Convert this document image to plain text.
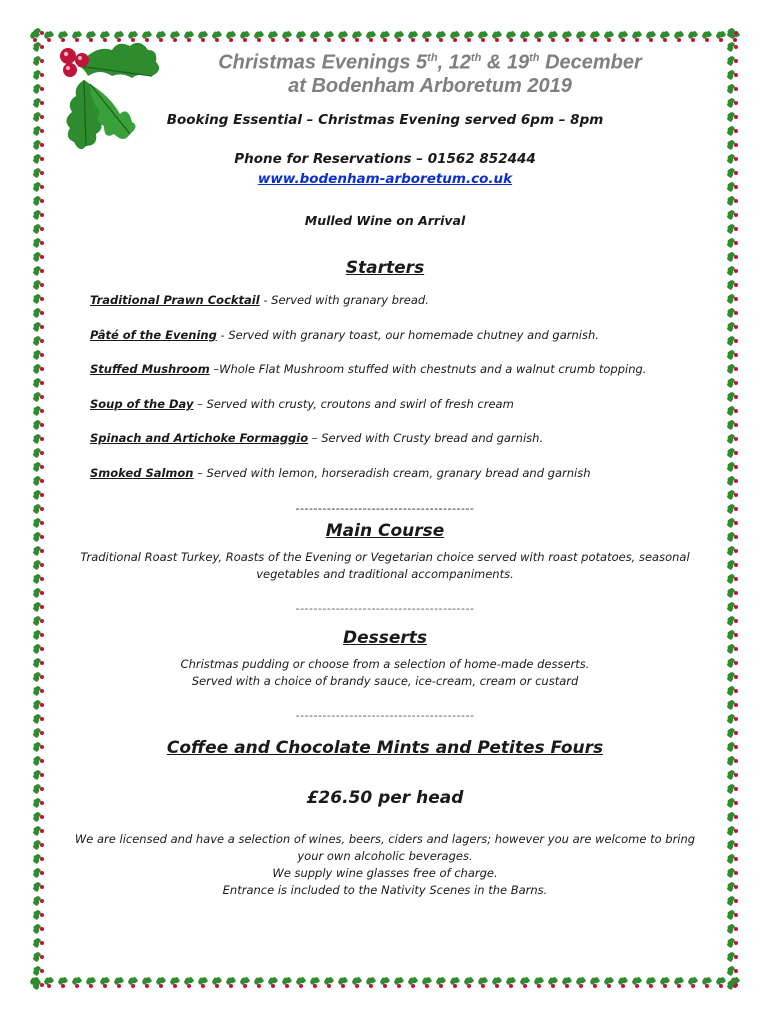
Christmas Evenings 5th, 12th & 19th December
at Bodenham Arboretum 2019
Booking Essential – Christmas Evening served 6pm – 8pm
Phone for Reservations – 01562 852444
www.bodenham-arboretum.co.uk
Mulled Wine on Arrival
Starters
Traditional Prawn Cocktail - Served with granary bread.
Pâté of the Evening - Served with granary toast, our homemade chutney and garnish.
Stuffed Mushroom –Whole Flat Mushroom stuffed with chestnuts and a walnut crumb topping.
Soup of the Day – Served with crusty, croutons and swirl of fresh cream
Spinach and Artichoke Formaggio – Served with Crusty bread and garnish.
Smoked Salmon – Served with lemon, horseradish cream, granary bread and garnish
----------------------------------------
Main Course
Traditional Roast Turkey, Roasts of the Evening or Vegetarian choice served with roast potatoes, seasonal
vegetables and traditional accompaniments.
----------------------------------------
Desserts
Christmas pudding or choose from a selection of home-made desserts.
Served with a choice of brandy sauce, ice-cream, cream or custard
----------------------------------------
Coffee and Chocolate Mints and Petites Fours
£26.50 per head
We are licensed and have a selection of wines, beers, ciders and lagers; however you are welcome to bring
your own alcoholic beverages.
We supply wine glasses free of charge.
Entrance is included to the Nativity Scenes in the Barns.
